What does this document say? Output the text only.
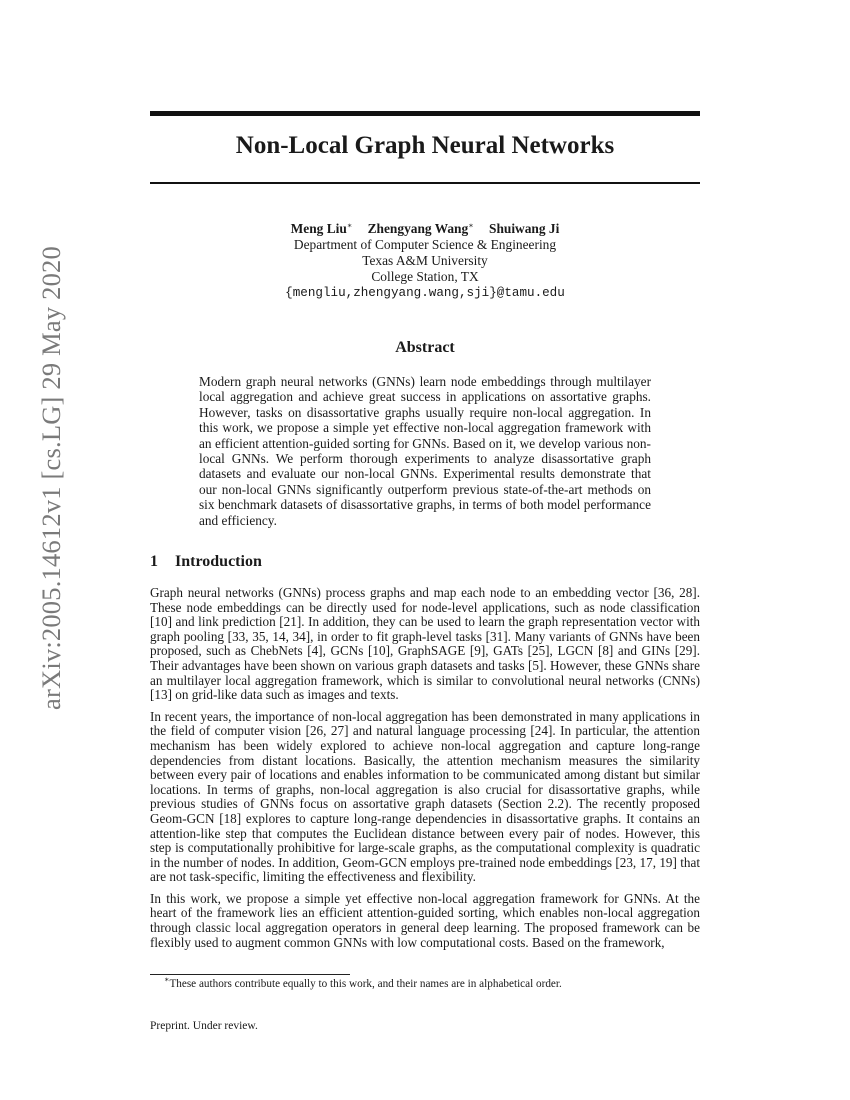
arXiv:2005.14612v1 [cs.LG] 29 May 2020
Non-Local Graph Neural Networks
Meng Liu∗ Zhengyang Wang∗ Shuiwang Ji
Department of Computer Science & Engineering
Texas A&M University
College Station, TX
{mengliu,zhengyang.wang,sji}@tamu.edu
Abstract

Modern graph neural networks (GNNs) learn node embeddings through multilayer local aggregation and achieve great success in applications on assortative graphs. However, tasks on disassortative graphs usually require non-local aggregation. In this work, we propose a simple yet effective non-local aggregation framework with an efficient attention-guided sorting for GNNs. Based on it, we develop various non-local GNNs. We perform thorough experiments to analyze disassortative graph datasets and evaluate our non-local GNNs. Experimental results demonstrate that our non-local GNNs significantly outperform previous state-of-the-art methods on six benchmark datasets of disassortative graphs, in terms of both model performance and efficiency.

1 Introduction

Graph neural networks (GNNs) process graphs and map each node to an embedding vector [36, 28]. These node embeddings can be directly used for node-level applications, such as node classification [10] and link prediction [21]. In addition, they can be used to learn the graph representation vector with graph pooling [33, 35, 14, 34], in order to fit graph-level tasks [31]. Many variants of GNNs have been proposed, such as ChebNets [4], GCNs [10], GraphSAGE [9], GATs [25], LGCN [8] and GINs [29]. Their advantages have been shown on various graph datasets and tasks [5]. However, these GNNs share an multilayer local aggregation framework, which is similar to convolutional neural networks (CNNs) [13] on grid-like data such as images and texts.

In recent years, the importance of non-local aggregation has been demonstrated in many applications in the field of computer vision [26, 27] and natural language processing [24]. In particular, the attention mechanism has been widely explored to achieve non-local aggregation and capture long-range dependencies from distant locations. Basically, the attention mechanism measures the similarity between every pair of locations and enables information to be communicated among distant but similar locations. In terms of graphs, non-local aggregation is also crucial for disassortative graphs, while previous studies of GNNs focus on assortative graph datasets (Section 2.2). The recently proposed Geom-GCN [18] explores to capture long-range dependencies in disassortative graphs. It contains an attention-like step that computes the Euclidean distance between every pair of nodes. However, this step is computationally prohibitive for large-scale graphs, as the computational complexity is quadratic in the number of nodes. In addition, Geom-GCN employs pre-trained node embeddings [23, 17, 19] that are not task-specific, limiting the effectiveness and flexibility.

In this work, we propose a simple yet effective non-local aggregation framework for GNNs. At the heart of the framework lies an efficient attention-guided sorting, which enables non-local aggregation through classic local aggregation operators in general deep learning. The proposed framework can be flexibly used to augment common GNNs with low computational costs. Based on the framework,

∗These authors contribute equally to this work, and their names are in alphabetical order.

Preprint. Under review.
